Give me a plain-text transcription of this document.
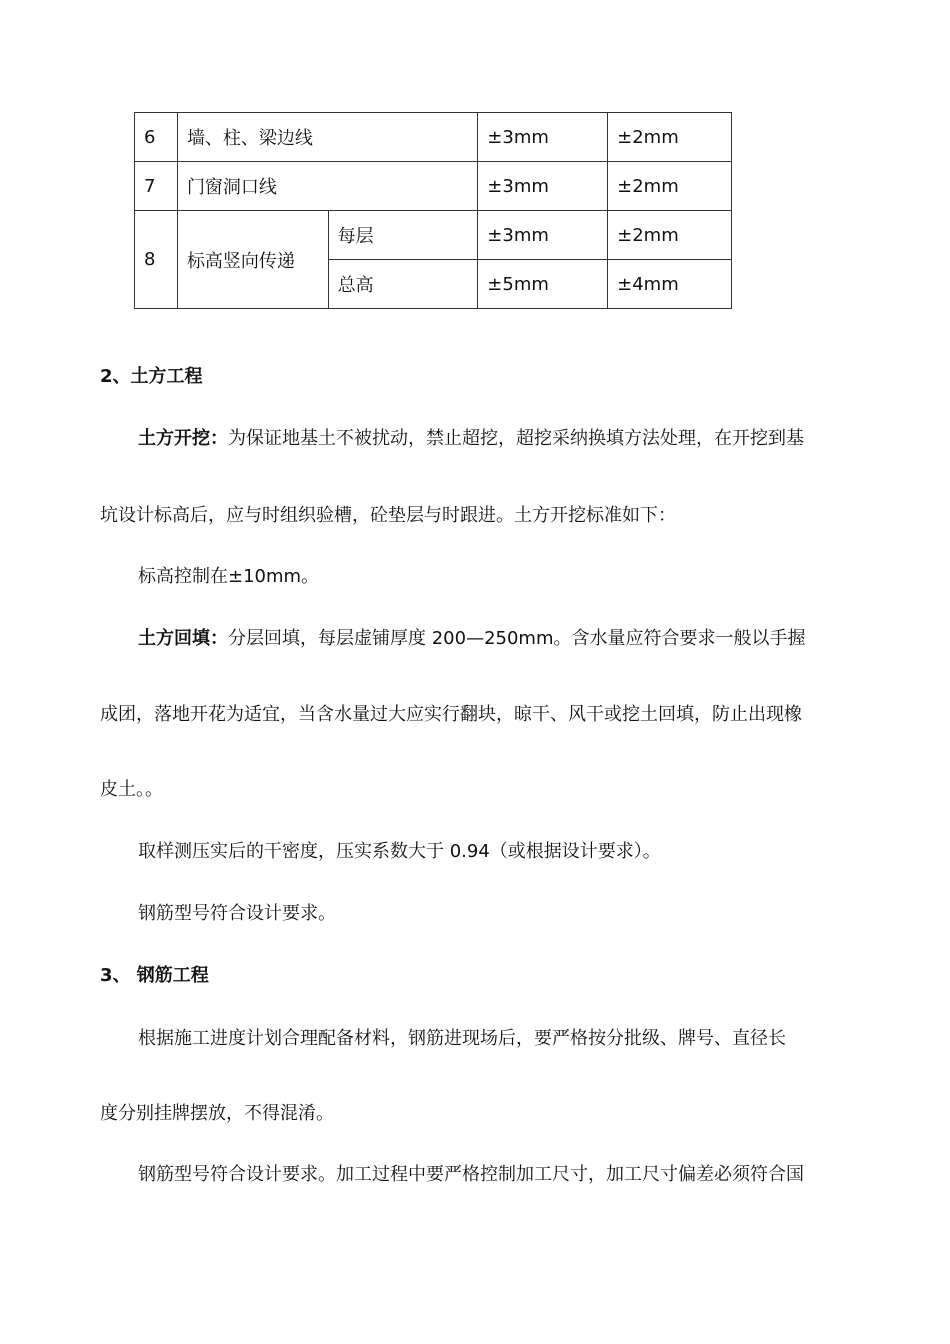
6	墙、柱、梁边线		±3mm	±2mm
7	门窗洞口线		±3mm	±2mm
8	标高竖向传递	每层	±3mm	±2mm
		总高	±5mm	±4mm
2、土方工程
土方开挖：为保证地基土不被扰动，禁止超挖，超挖采纳换填方法处理，在开挖到基
坑设计标高后，应与时组织验槽，砼垫层与时跟进。土方开挖标准如下：
标高控制在±10mm。
土方回填：分层回填，每层虚铺厚度 200—250mm。含水量应符合要求一般以手握
成团，落地开花为适宜，当含水量过大应实行翻块，晾干、风干或挖土回填，防止出现橡
皮土。。
取样测压实后的干密度，压实系数大于 0.94（或根据设计要求）。
钢筋型号符合设计要求。
3、 钢筋工程
根据施工进度计划合理配备材料，钢筋进现场后，要严格按分批级、牌号、直径长
度分别挂牌摆放，不得混淆。
钢筋型号符合设计要求。加工过程中要严格控制加工尺寸，加工尺寸偏差必须符合国
